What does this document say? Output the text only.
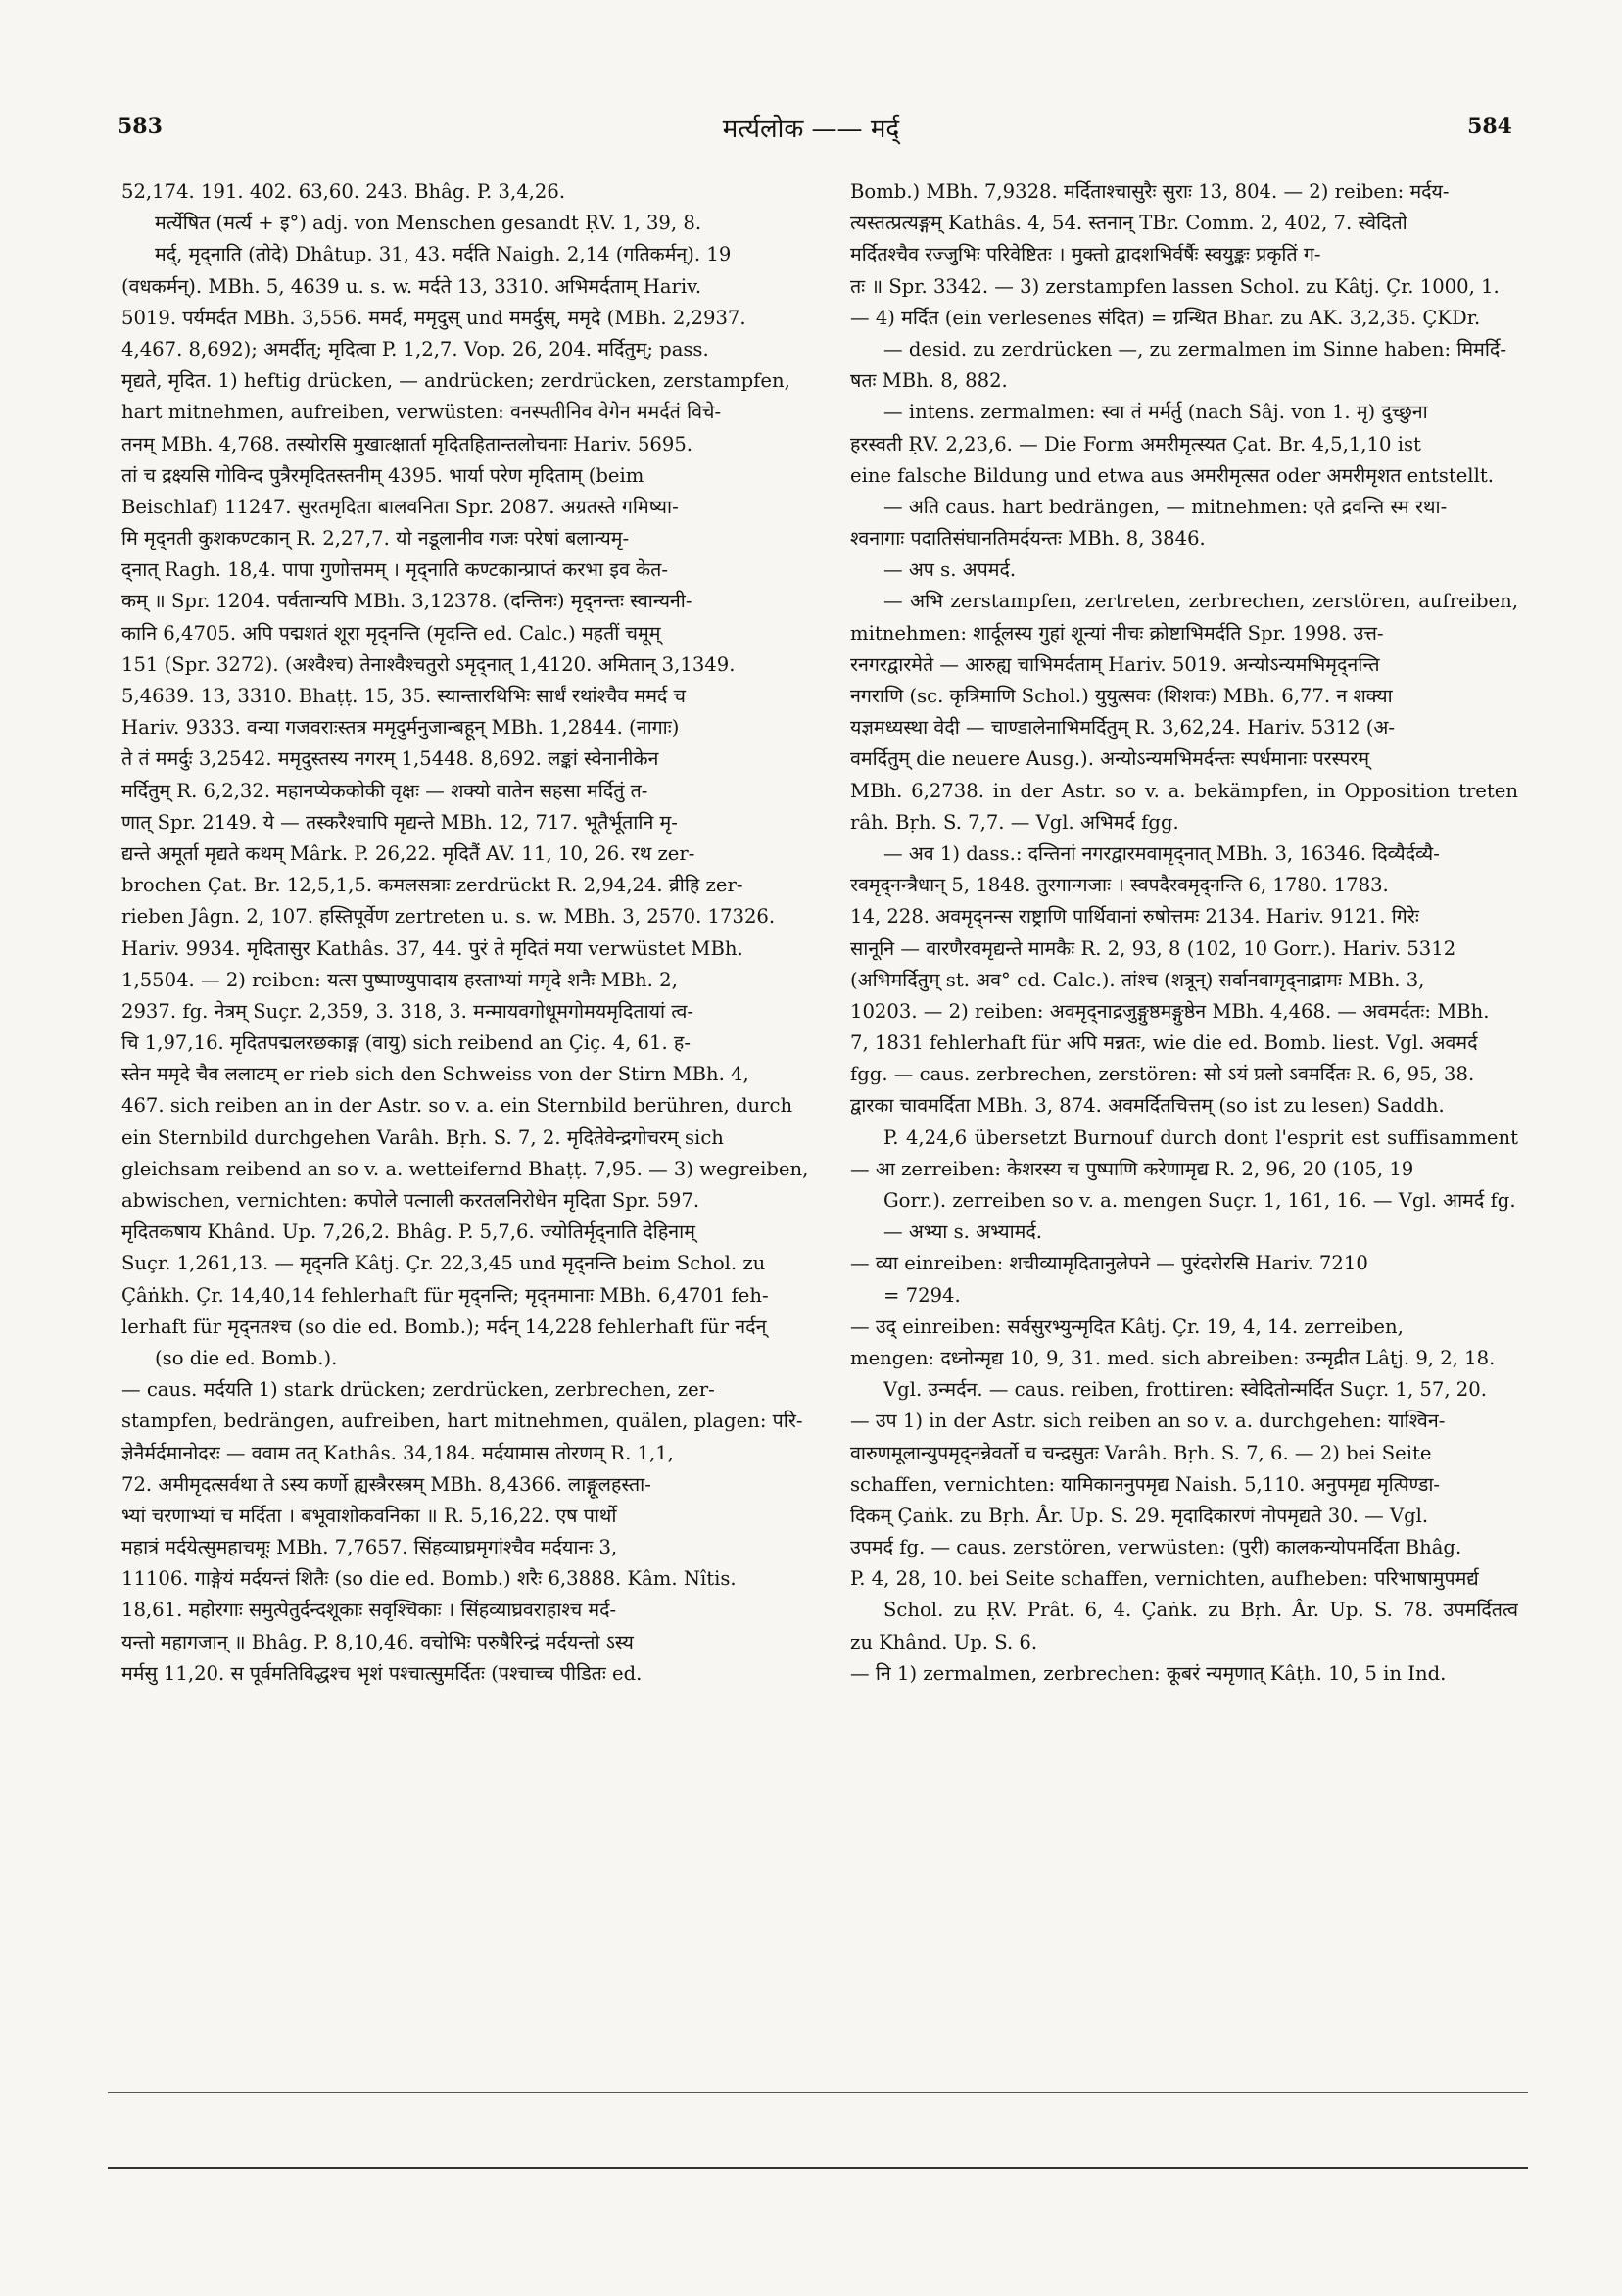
583	मर्त्यलोक —— मर्द्	584
52,174. 191. 402. 63,60. 243. Bhâg. P. 3,4,26.
मर्त्येषित (मर्त्य + इ°) adj. von Menschen gesandt ṚV. 1, 39, 8.
मर्द्, मृद्नाति (तोदे) Dhâtup. 31, 43. मर्दति Naigh. 2,14 (गतिकर्मन्). 19
(वधकर्मन्). MBh. 5, 4639 u. s. w. मर्दते 13, 3310. अभिमर्दताम् Hariv.
5019. पर्यमर्दत MBh. 3,556. ममर्द, ममृदुस् und ममर्दुस्, ममृदे (MBh. 2,2937.
4,467. 8,692); अमर्दीत्; मृदित्वा P. 1,2,7. Vop. 26, 204. मर्दितुम्; pass.
मृद्यते, मृदित. 1) heftig drücken, — andrücken; zerdrücken, zerstampfen,
hart mitnehmen, aufreiben, verwüsten: वनस्पतीनिव वेगेन ममर्दतं विचे-
तनम् MBh. 4,768. तस्योरसि मुखात्क्षार्ता मृदितहितान्तलोचनाः Hariv. 5695.
तां च द्रक्ष्यसि गोविन्द पुत्रैरमृदितस्तनीम् 4395. भार्या परेण मृदिताम् (beim
Beischlaf) 11247. सुरतमृदिता बालवनिता Spr. 2087. अग्रतस्ते गमिष्या-
मि मृद्नती कुशकण्टकान् R. 2,27,7. यो नडूलानीव गजः परेषां बलान्यमृ-
द्नात् Ragh. 18,4. पापा गुणोत्तमम् । मृद्नाति कण्टकान्प्राप्तं करभा इव केत-
कम् ॥ Spr. 1204. पर्वतान्यपि MBh. 3,12378. (दन्तिनः) मृद्नन्तः स्वान्यनी-
कानि 6,4705. अपि पद्मशतं शूरा मृद्नन्ति (मृदन्ति ed. Calc.) महतीं चमूम्
151 (Spr. 3272). (अश्वैश्च) तेनाश्वैश्चतुरो ऽमृद्नात् 1,4120. अमितान् 3,1349.
5,4639. 13, 3310. Bhaṭṭ. 15, 35. स्यान्तारथिभिः सार्धं रथांश्चैव ममर्द च
Hariv. 9333. वन्या गजवराःस्तत्र ममृदुर्मनुजान्बहून् MBh. 1,2844. (नागाः)
ते तं ममर्दुः 3,2542. ममृदुस्तस्य नगरम् 1,5448. 8,692. लङ्कां स्वेनानीकेन
मर्दितुम् R. 6,2,32. महानप्येककोकी वृक्षः — शक्यो वातेन सहसा मर्दितुं त-
णात् Spr. 2149. ये — तस्करैश्चापि मृद्यन्ते MBh. 12, 717. भूतैर्भूतानि मृ-
द्यन्ते अमूर्ता मृद्यते कथम् Mârk. P. 26,22. मृदितैं AV. 11, 10, 26. रथ zer-
brochen Çat. Br. 12,5,1,5. कमलसत्राः zerdrückt R. 2,94,24. व्रीहि zer-
rieben Jâgn. 2, 107. हस्तिपूर्वेण zertreten u. s. w. MBh. 3, 2570. 17326.
Hariv. 9934. मृदितासुर Kathâs. 37, 44. पुरं ते मृदितं मया verwüstet MBh.
1,5504. — 2) reiben: यत्स पुष्पाण्युपादाय हस्ताभ्यां ममृदे शनैः MBh. 2,
2937. fg. नेत्रम् Suçr. 2,359, 3. 318, 3. मन्मायवगोधूमगोमयमृदितायां त्व-
चि 1,97,16. मृदितपद्मलरछकाङ्ग (वायु) sich reibend an Çiç. 4, 61. ह-
स्तेन ममृदे चैव ललाटम् er rieb sich den Schweiss von der Stirn MBh. 4,
467. sich reiben an in der Astr. so v. a. ein Sternbild berühren, durch
ein Sternbild durchgehen Varâh. Bṛh. S. 7, 2. मृदितेवेन्द्रगोचरम् sich
gleichsam reibend an so v. a. wetteifernd Bhaṭṭ. 7,95. — 3) wegreiben,
abwischen, vernichten: कपोले पत्नाली करतलनिरोधेन मृदिता Spr. 597.
मृदितकषाय Khând. Up. 7,26,2. Bhâg. P. 5,7,6. ज्योतिर्मृद्नाति देहिनाम्
Suçr. 1,261,13. — मृद्नति Kâtj. Çr. 22,3,45 und मृद्नन्ति beim Schol. zu
Çâṅkh. Çr. 14,40,14 fehlerhaft für मृद्नन्ति; मृद्नमानाः MBh. 6,4701 feh-
lerhaft für मृद्नतश्च (so die ed. Bomb.); मर्दन् 14,228 fehlerhaft für नर्दन्
(so die ed. Bomb.).
— caus. मर्दयति 1) stark drücken; zerdrücken, zerbrechen, zer-
stampfen, bedrängen, aufreiben, hart mitnehmen, quälen, plagen: परि-
ज्ञेनैर्मर्दमानोदरः — ववाम तत् Kathâs. 34,184. मर्दयामास तोरणम् R. 1,1,
72. अमीमृदत्सर्वथा ते ऽस्य कर्णो ह्यस्त्रैरस्त्रम् MBh. 8,4366. लाङ्गूलहस्ता-
भ्यां चरणाभ्यां च मर्दिता । बभूवाशोकवनिका ॥ R. 5,16,22. एष पार्थो
महात्रं मर्दयेत्सुमहाचमूः MBh. 7,7657. सिंहव्याघ्रमृगांश्चैव मर्दयानः 3,
11106. गाङ्गेयं मर्दयन्तं शितैः (so die ed. Bomb.) शरैः 6,3888. Kâm. Nîtis.
18,61. महोरगाः समुत्पेतुर्दन्दशूकाः सवृश्चिकाः । सिंहव्याघ्रवराहाश्च मर्द-
यन्तो महागजान् ॥ Bhâg. P. 8,10,46. वचोभिः परुषैरिन्द्रं मर्दयन्तो ऽस्य
मर्मसु 11,20. स पूर्वमतिविद्धश्च भृशं पश्चात्सुमर्दितः (पश्चाच्च पीडितः ed.
Bomb.) MBh. 7,9328. मर्दिताश्चासुरैः सुराः 13, 804. — 2) reiben: मर्दय-
त्यस्तत्प्रत्यङ्गम् Kathâs. 4, 54. स्तनान् TBr. Comm. 2, 402, 7. स्वेदितो
मर्दितश्चैव रज्जुभिः परिवेष्टितः । मुक्तो द्वादशभिर्वर्षैः स्वयुङ्कः प्रकृतिं ग-
तः ॥ Spr. 3342. — 3) zerstampfen lassen Schol. zu Kâtj. Çr. 1000, 1.
— 4) मर्दित (ein verlesenes संदित) = ग्रन्थित Bhar. zu AK. 3,2,35. ÇKDr.
— desid. zu zerdrücken —, zu zermalmen im Sinne haben: मिमर्दि-
षतः MBh. 8, 882.
— intens. zermalmen: स्वा तं मर्मर्तु (nach Sâj. von 1. मृ) दुच्छुना
हरस्वती ṚV. 2,23,6. — Die Form अमरीमृत्स्यत Çat. Br. 4,5,1,10 ist
eine falsche Bildung und etwa aus अमरीमृत्सत oder अमरीमृशत entstellt.
— अति caus. hart bedrängen, — mitnehmen: एते द्रवन्ति स्म रथा-
श्वनागाः पदातिसंघानतिमर्दयन्तः MBh. 8, 3846.
— अप s. अपमर्द.
— अभि zerstampfen, zertreten, zerbrechen, zerstören, aufreiben,
mitnehmen: शार्दूलस्य गुहां शून्यां नीचः क्रोष्टाभिमर्दति Spr. 1998. उत्त-
रनगरद्वारमेते — आरुह्य चाभिमर्दताम् Hariv. 5019. अन्योऽन्यमभिमृद्नन्ति
नगराणि (sc. कृत्रिमाणि Schol.) युयुत्सवः (शिशवः) MBh. 6,77. न शक्या
यज्ञमध्यस्था वेदी — चाण्डालेनाभिमर्दितुम् R. 3,62,24. Hariv. 5312 (अ-
वमर्दितुम् die neuere Ausg.). अन्योऽन्यमभिमर्दन्तः स्पर्धमानाः परस्परम्
MBh. 6,2738. in der Astr. so v. a. bekämpfen, in Opposition treten
râh. Bṛh. S. 7,7. — Vgl. अभिमर्द fgg.
— अव 1) dass.: दन्तिनां नगरद्वारमवामृद्नात् MBh. 3, 16346. दिव्यैर्दव्यै-
रवमृद्नन्त्रैधान् 5, 1848. तुरगान्गजाः । स्वपदैरवमृद्नन्ति 6, 1780. 1783.
14, 228. अवमृद्नन्स राष्ट्राणि पार्थिवानां रुषोत्तमः 2134. Hariv. 9121. गिरेः
सानूनि — वारणैरवमृद्यन्ते मामकैः R. 2, 93, 8 (102, 10 Gorr.). Hariv. 5312
(अभिमर्दितुम् st. अव° ed. Calc.). तांश्च (शत्रून्) सर्वानवामृद्नाद्रामः MBh. 3,
10203. — 2) reiben: अवमृद्नाद्रजुङ्गुष्ठमङ्गुष्ठेन MBh. 4,468. — अवमर्दतः: MBh.
7, 1831 fehlerhaft für अपि मन्नतः, wie die ed. Bomb. liest. Vgl. अवमर्द
fgg. — caus. zerbrechen, zerstören: सो ऽयं प्रलो ऽवमर्दितः R. 6, 95, 38.
द्वारका चावमर्दिता MBh. 3, 874. अवमर्दितचित्तम् (so ist zu lesen) Saddh.
P. 4,24,6 übersetzt Burnouf durch dont l'esprit est suffisamment
— आ zerreiben: केशरस्य च पुष्पाणि करेणामृद्य R. 2, 96, 20 (105, 19
Gorr.). zerreiben so v. a. mengen Suçr. 1, 161, 16. — Vgl. आमर्द fg.
— अभ्या s. अभ्यामर्द.
— व्या einreiben: शचीव्यामृदितानुलेपने — पुरंदरोरसि Hariv. 7210
= 7294.
— उद् einreiben: सर्वसुरभ्युन्मृदित Kâtj. Çr. 19, 4, 14. zerreiben,
mengen: दध्नोन्मृद्य 10, 9, 31. med. sich abreiben: उन्मृद्रीत Lâṭj. 9, 2, 18.
Vgl. उन्मर्दन. — caus. reiben, frottiren: स्वेदितोन्मर्दित Suçr. 1, 57, 20.
— उप 1) in der Astr. sich reiben an so v. a. durchgehen: याश्विन-
वारुणमूलान्युपमृद्नन्नेवर्तो च चन्द्रसुतः Varâh. Bṛh. S. 7, 6. — 2) bei Seite
schaffen, vernichten: यामिकाननुपमृद्य Naish. 5,110. अनुपमृद्य मृत्पिण्डा-
दिकम् Çaṅk. zu Bṛh. Âr. Up. S. 29. मृदादिकारणं नोपमृद्यते 30. — Vgl.
उपमर्द fg. — caus. zerstören, verwüsten: (पुरी) कालकन्योपमर्दिता Bhâg.
P. 4, 28, 10. bei Seite schaffen, vernichten, aufheben: परिभाषामुपमर्द्य
Schol. zu ṚV. Prât. 6, 4. Çaṅk. zu Bṛh. Âr. Up. S. 78. उपमर्दितत्व
zu Khând. Up. S. 6.
— नि 1) zermalmen, zerbrechen: कूबरं न्यमृणात् Kâṭh. 10, 5 in Ind.
